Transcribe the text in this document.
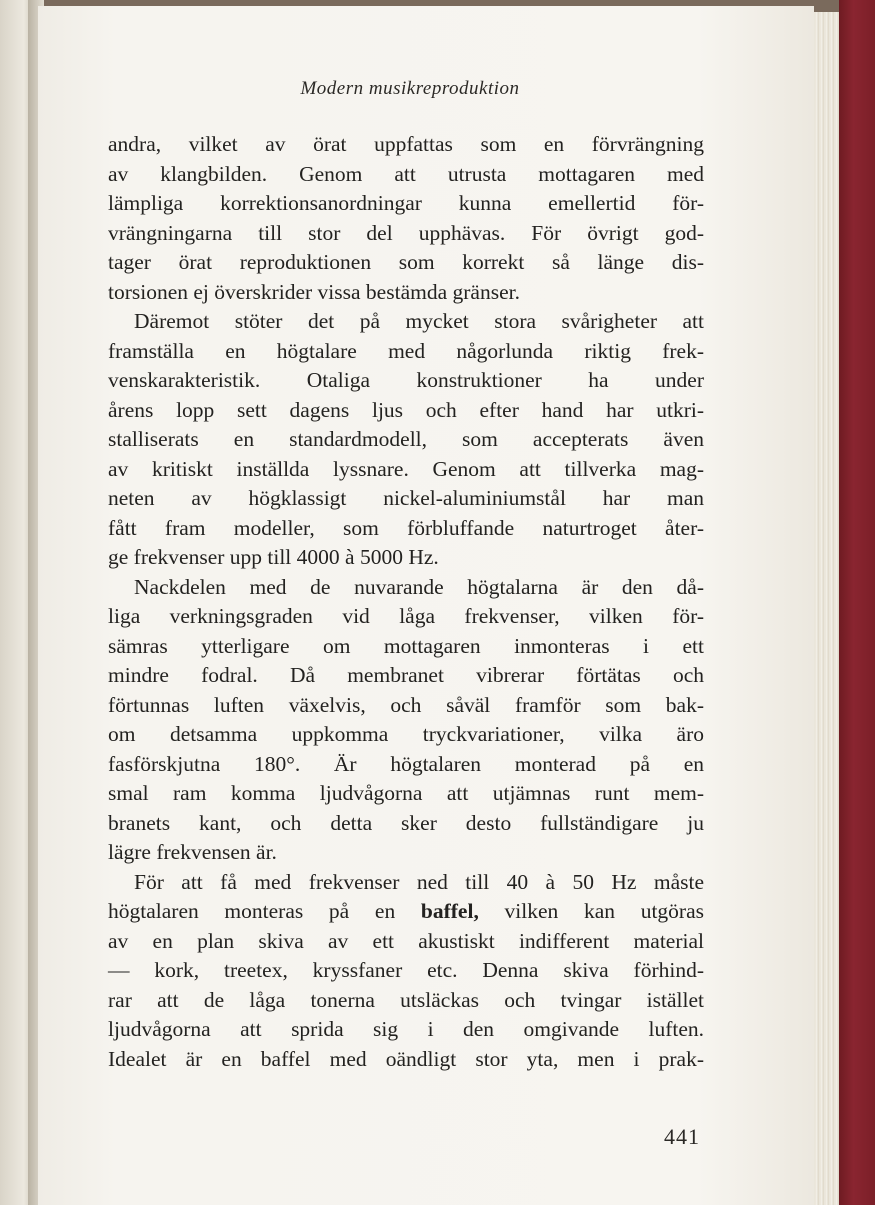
Modern musikreproduktion
andra, vilket av örat uppfattas som en förvrängning
av klangbilden. Genom att utrusta mottagaren med
lämpliga korrektionsanordningar kunna emellertid för-
vrängningarna till stor del upphävas. För övrigt god-
tager örat reproduktionen som korrekt så länge dis-
torsionen ej överskrider vissa bestämda gränser.
Däremot stöter det på mycket stora svårigheter att
framställa en högtalare med någorlunda riktig frek-
venskarakteristik. Otaliga konstruktioner ha under
årens lopp sett dagens ljus och efter hand har utkri-
stalliserats en standardmodell, som accepterats även
av kritiskt inställda lyssnare. Genom att tillverka mag-
neten av högklassigt nickel-aluminiumstål har man
fått fram modeller, som förbluffande naturtroget åter-
ge frekvenser upp till 4000 à 5000 Hz.
Nackdelen med de nuvarande högtalarna är den då-
liga verkningsgraden vid låga frekvenser, vilken för-
sämras ytterligare om mottagaren inmonteras i ett
mindre fodral. Då membranet vibrerar förtätas och
förtunnas luften växelvis, och såväl framför som bak-
om detsamma uppkomma tryckvariationer, vilka äro
fasförskjutna 180°. Är högtalaren monterad på en
smal ram komma ljudvågorna att utjämnas runt mem-
branets kant, och detta sker desto fullständigare ju
lägre frekvensen är.
För att få med frekvenser ned till 40 à 50 Hz måste
högtalaren monteras på en baffel, vilken kan utgöras
av en plan skiva av ett akustiskt indifferent material
— kork, treetex, kryssfaner etc. Denna skiva förhind-
rar att de låga tonerna utsläckas och tvingar istället
ljudvågorna att sprida sig i den omgivande luften.
Idealet är en baffel med oändligt stor yta, men i prak-
441
